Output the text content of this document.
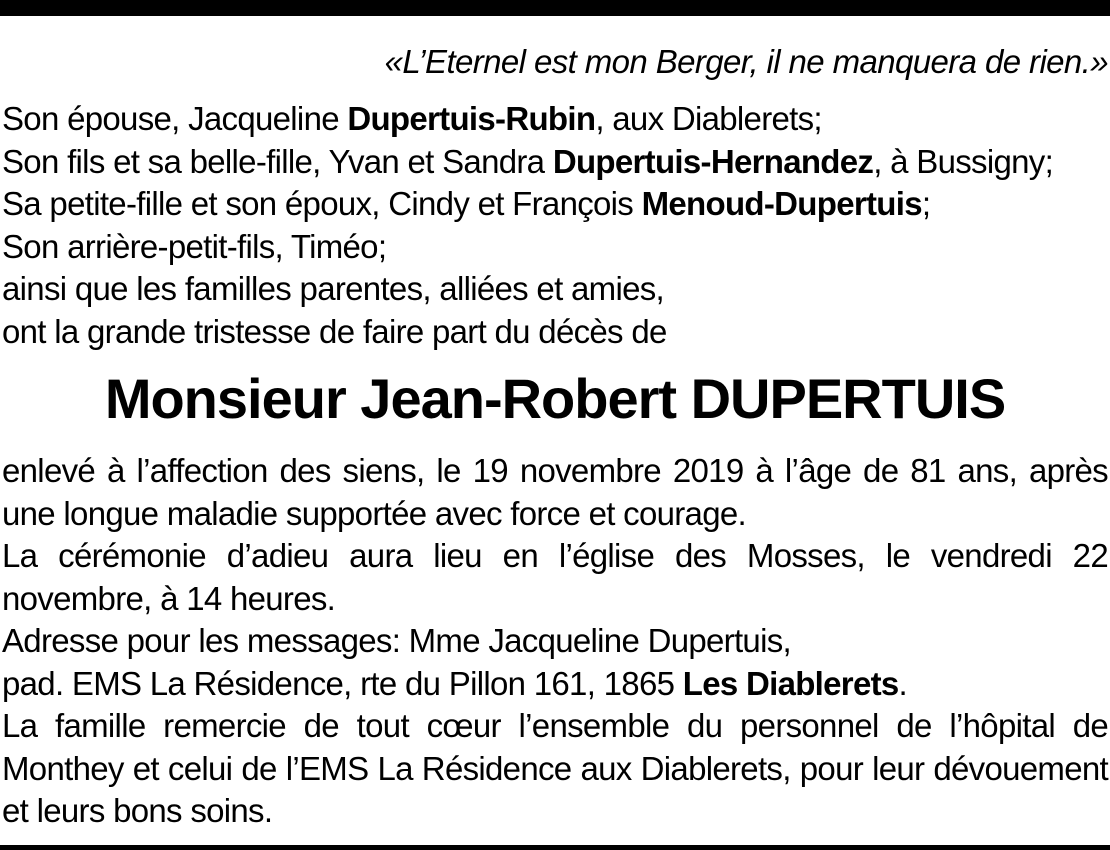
«L’Eternel est mon Berger, il ne manquera de rien.»
Son épouse, Jacqueline Dupertuis-Rubin, aux Diablerets;
Son fils et sa belle-fille, Yvan et Sandra Dupertuis-Hernandez, à Bussigny;
Sa petite-fille et son époux, Cindy et François Menoud-Dupertuis;
Son arrière-petit-fils, Timéo;
ainsi que les familles parentes, alliées et amies,
ont la grande tristesse de faire part du décès de
Monsieur Jean-Robert DUPERTUIS

enlevé à l’affection des siens, le 19 novembre 2019 à l’âge de 81 ans, après une longue maladie supportée avec force et courage.

La cérémonie d’adieu aura lieu en l’église des Mosses, le vendredi 22 novembre, à 14 heures.

Adresse pour les messages: Mme Jacqueline Dupertuis,

pad. EMS La Résidence, rte du Pillon 161, 1865 Les Diablerets.

La famille remercie de tout cœur l’ensemble du personnel de l’hôpital de Monthey et celui de l’EMS La Résidence aux Diablerets, pour leur dévouement et leurs bons soins.
